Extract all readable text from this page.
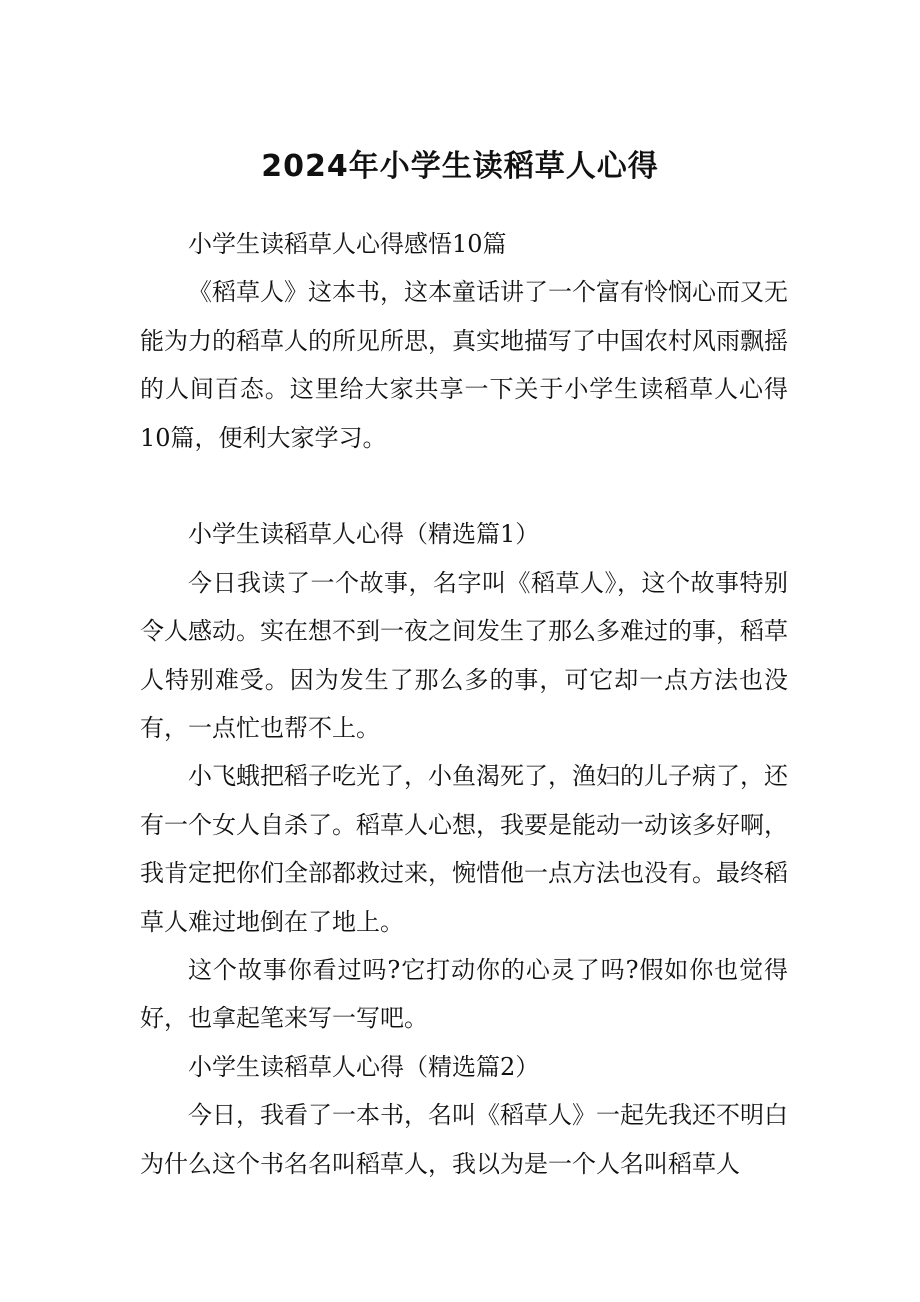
2024年小学生读稻草人心得

小学生读稻草人心得感悟10篇

《稻草人》这本书，这本童话讲了一个富有怜悯心而又无能为力的稻草人的所见所思，真实地描写了中国农村风雨飘摇的人间百态。这里给大家共享一下关于小学生读稻草人心得10篇，便利大家学习。

小学生读稻草人心得（精选篇1）

今日我读了一个故事，名字叫《稻草人》，这个故事特别令人感动。实在想不到一夜之间发生了那么多难过的事，稻草人特别难受。因为发生了那么多的事，可它却一点方法也没有，一点忙也帮不上。

小飞蛾把稻子吃光了，小鱼渴死了，渔妇的儿子病了，还有一个女人自杀了。稻草人心想，我要是能动一动该多好啊，我肯定把你们全部都救过来，惋惜他一点方法也没有。最终稻草人难过地倒在了地上。

这个故事你看过吗?它打动你的心灵了吗?假如你也觉得好，也拿起笔来写一写吧。

小学生读稻草人心得（精选篇2）

今日，我看了一本书，名叫《稻草人》一起先我还不明白为什么这个书名名叫稻草人，我以为是一个人名叫稻草人
